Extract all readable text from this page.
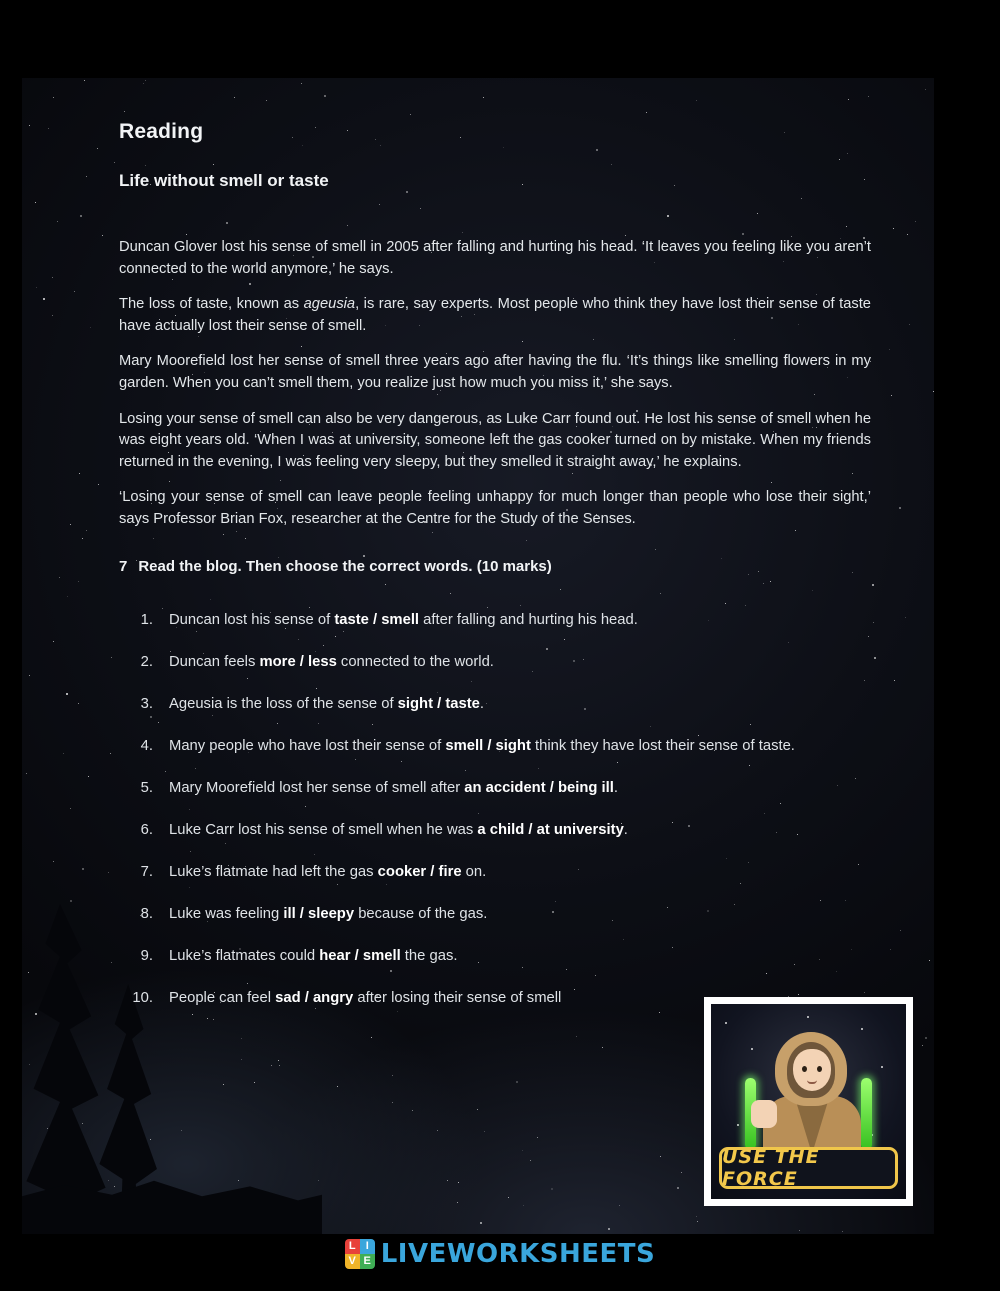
Reading
Life without smell or taste

Duncan Glover lost his sense of smell in 2005 after falling and hurting his head. ‘It leaves you feeling like you aren’t connected to the world anymore,’ he says.

The loss of taste, known as ageusia, is rare, say experts. Most people who think they have lost their sense of taste have actually lost their sense of smell.

Mary Moorefield lost her sense of smell three years ago after having the flu. ‘It’s things like smelling flowers in my garden. When you can’t smell them, you realize just how much you miss it,’ she says.

Losing your sense of smell can also be very dangerous, as Luke Carr found out. He lost his sense of smell when he was eight years old. ‘When I was at university, someone left the gas cooker turned on by mistake. When my friends returned in the evening, I was feeling very sleepy, but they smelled it straight away,’ he explains.

‘Losing your sense of smell can leave people feeling unhappy for much longer than people who lose their sight,’ says Professor Brian Fox, researcher at the Centre for the Study of the Senses.

7 Read the blog. Then choose the correct words. (10 marks)
1. Duncan lost his sense of taste / smell after falling and hurting his head.
2. Duncan feels more / less connected to the world.
3. Ageusia is the loss of the sense of sight / taste.
4. Many people who have lost their sense of smell / sight think they have lost their sense of taste.
5. Mary Moorefield lost her sense of smell after an accident / being ill.
6. Luke Carr lost his sense of smell when he was a child / at university.
7. Luke’s flatmate had left the gas cooker / fire on.
8. Luke was feeling ill / sleepy because of the gas.
9. Luke’s flatmates could hear / smell the gas.
10. People can feel sad / angry after losing their sense of smell
USE THE FORCE
L I
V E LIVEWORKSHEETS
